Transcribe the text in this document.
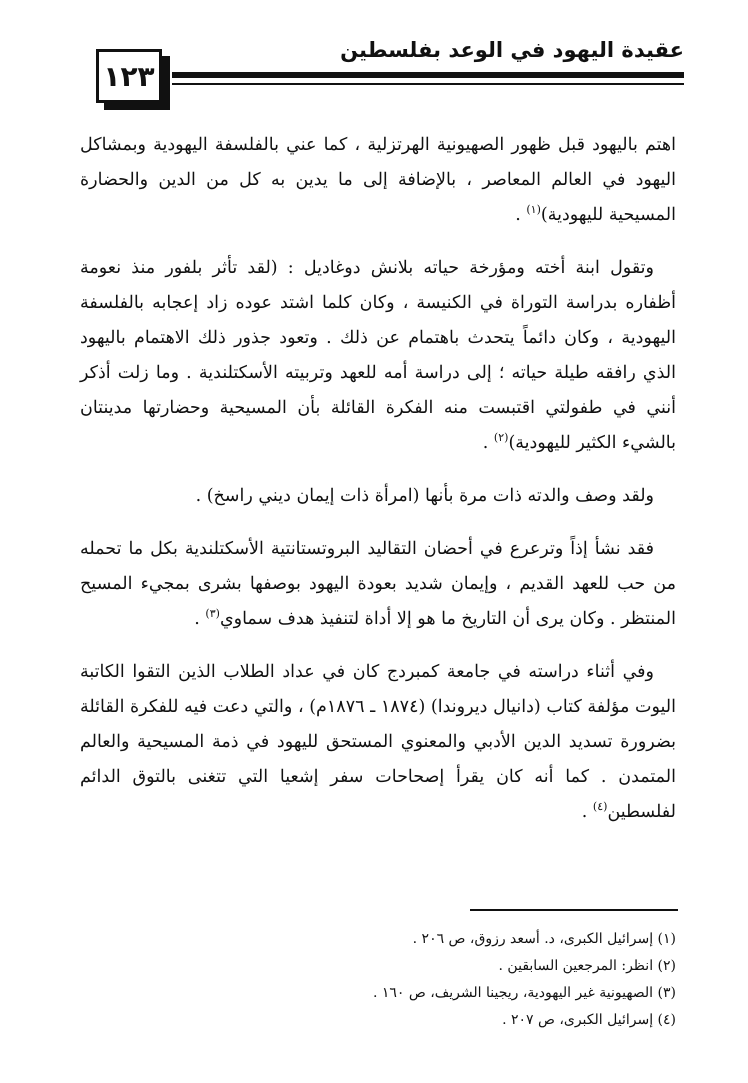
١٢٣
عقيدة اليهود في الوعد بفلسطين

اهتم باليهود قبل ظهور الصهيونية الهرتزلية ، كما عني بالفلسفة اليهودية وبمشاكل اليهود في العالم المعاصر ، بالإضافة إلى ما يدين به كل من الدين والحضارة المسيحية لليهودية)$^{(١)}$ .

وتقول ابنة أخته ومؤرخة حياته بلانش دوغاديل : (لقد تأثر بلفور منذ نعومة أظفاره بدراسة التوراة في الكنيسة ، وكان كلما اشتد عوده زاد إعجابه بالفلسفة اليهودية ، وكان دائماً يتحدث باهتمام عن ذلك . وتعود جذور ذلك الاهتمام باليهود الذي رافقه طيلة حياته ؛ إلى دراسة أمه للعهد وتربيته الأسكتلندية . وما زلت أذكر أنني في طفولتي اقتبست منه الفكرة القائلة بأن المسيحية وحضارتها مدينتان بالشيء الكثير لليهودية)$^{(٢)}$ .

ولقد وصف والدته ذات مرة بأنها (امرأة ذات إيمان ديني راسخ) .

فقد نشأ إذاً وترعرع في أحضان التقاليد البروتستانتية الأسكتلندية بكل ما تحمله من حب للعهد القديم ، وإيمان شديد بعودة اليهود بوصفها بشرى بمجيء المسيح المنتظر . وكان يرى أن التاريخ ما هو إلا أداة لتنفيذ هدف سماوي$^{(٣)}$ .

وفي أثناء دراسته في جامعة كمبردج كان في عداد الطلاب الذين التقوا الكاتبة اليوت مؤلفة كتاب (دانيال ديروندا) (١٨٧٤ ـ ١٨٧٦م) ، والتي دعت فيه للفكرة القائلة بضرورة تسديد الدين الأدبي والمعنوي المستحق لليهود في ذمة المسيحية والعالم المتمدن . كما أنه كان يقرأ إصحاحات سفر إشعيا التي تتغنى بالتوق الدائم لفلسطين$^{(٤)}$ .

(١) إسرائيل الكبرى، د. أسعد رزوق، ص ٢٠٦ .

(٢) انظر: المرجعين السابقين .

(٣) الصهيونية غير اليهودية، ريجينا الشريف، ص ١٦٠ .

(٤) إسرائيل الكبرى، ص ٢٠٧ .
